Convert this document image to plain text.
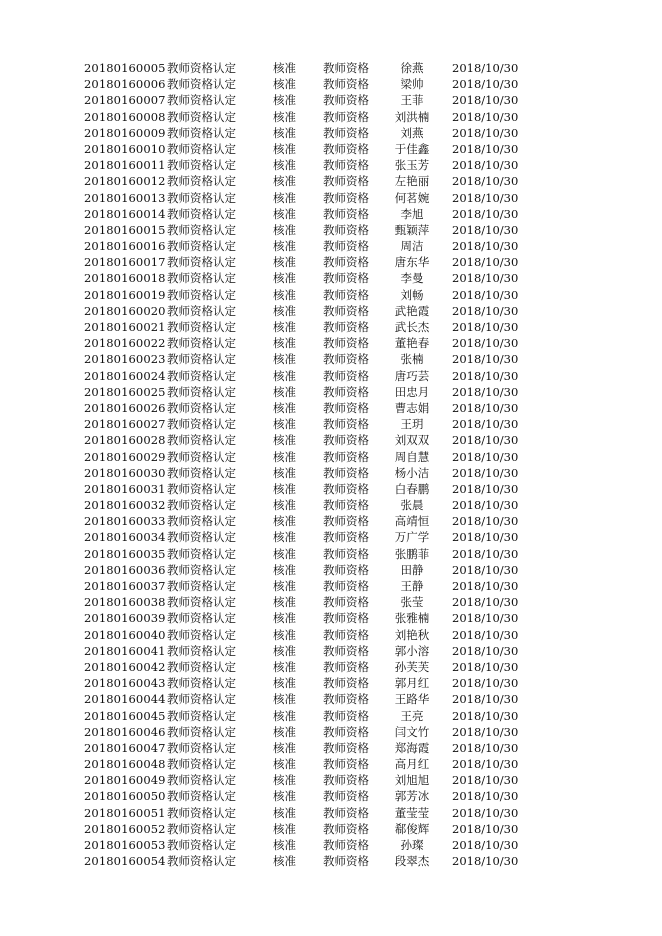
20180160005 教师资格认定	核准	教师资格	徐燕	2018/10/30
20180160006 教师资格认定	核准	教师资格	梁帅	2018/10/30
20180160007 教师资格认定	核准	教师资格	王菲	2018/10/30
20180160008 教师资格认定	核准	教师资格	刘洪楠	2018/10/30
20180160009 教师资格认定	核准	教师资格	刘燕	2018/10/30
20180160010 教师资格认定	核准	教师资格	于佳鑫	2018/10/30
20180160011 教师资格认定	核准	教师资格	张玉芳	2018/10/30
20180160012 教师资格认定	核准	教师资格	左艳丽	2018/10/30
20180160013 教师资格认定	核准	教师资格	何茗婉	2018/10/30
20180160014 教师资格认定	核准	教师资格	李旭	2018/10/30
20180160015 教师资格认定	核准	教师资格	甄颖萍	2018/10/30
20180160016 教师资格认定	核准	教师资格	周洁	2018/10/30
20180160017 教师资格认定	核准	教师资格	唐东华	2018/10/30
20180160018 教师资格认定	核准	教师资格	李曼	2018/10/30
20180160019 教师资格认定	核准	教师资格	刘畅	2018/10/30
20180160020 教师资格认定	核准	教师资格	武艳霞	2018/10/30
20180160021 教师资格认定	核准	教师资格	武长杰	2018/10/30
20180160022 教师资格认定	核准	教师资格	董艳春	2018/10/30
20180160023 教师资格认定	核准	教师资格	张楠	2018/10/30
20180160024 教师资格认定	核准	教师资格	唐巧芸	2018/10/30
20180160025 教师资格认定	核准	教师资格	田忠月	2018/10/30
20180160026 教师资格认定	核准	教师资格	曹志娟	2018/10/30
20180160027 教师资格认定	核准	教师资格	王玥	2018/10/30
20180160028 教师资格认定	核准	教师资格	刘双双	2018/10/30
20180160029 教师资格认定	核准	教师资格	周自慧	2018/10/30
20180160030 教师资格认定	核准	教师资格	杨小洁	2018/10/30
20180160031 教师资格认定	核准	教师资格	白春鹏	2018/10/30
20180160032 教师资格认定	核准	教师资格	张晨	2018/10/30
20180160033 教师资格认定	核准	教师资格	高靖恒	2018/10/30
20180160034 教师资格认定	核准	教师资格	万广学	2018/10/30
20180160035 教师资格认定	核准	教师资格	张鹏菲	2018/10/30
20180160036 教师资格认定	核准	教师资格	田静	2018/10/30
20180160037 教师资格认定	核准	教师资格	王静	2018/10/30
20180160038 教师资格认定	核准	教师资格	张莹	2018/10/30
20180160039 教师资格认定	核准	教师资格	张雅楠	2018/10/30
20180160040 教师资格认定	核准	教师资格	刘艳秋	2018/10/30
20180160041 教师资格认定	核准	教师资格	郭小溶	2018/10/30
20180160042 教师资格认定	核准	教师资格	孙芙芙	2018/10/30
20180160043 教师资格认定	核准	教师资格	郭月红	2018/10/30
20180160044 教师资格认定	核准	教师资格	王路华	2018/10/30
20180160045 教师资格认定	核准	教师资格	王亮	2018/10/30
20180160046 教师资格认定	核准	教师资格	闫文竹	2018/10/30
20180160047 教师资格认定	核准	教师资格	郑海霞	2018/10/30
20180160048 教师资格认定	核准	教师资格	高月红	2018/10/30
20180160049 教师资格认定	核准	教师资格	刘旭旭	2018/10/30
20180160050 教师资格认定	核准	教师资格	郭芳冰	2018/10/30
20180160051 教师资格认定	核准	教师资格	董莹莹	2018/10/30
20180160052 教师资格认定	核准	教师资格	郗俊辉	2018/10/30
20180160053 教师资格认定	核准	教师资格	孙璨	2018/10/30
20180160054 教师资格认定	核准	教师资格	段翠杰	2018/10/30
